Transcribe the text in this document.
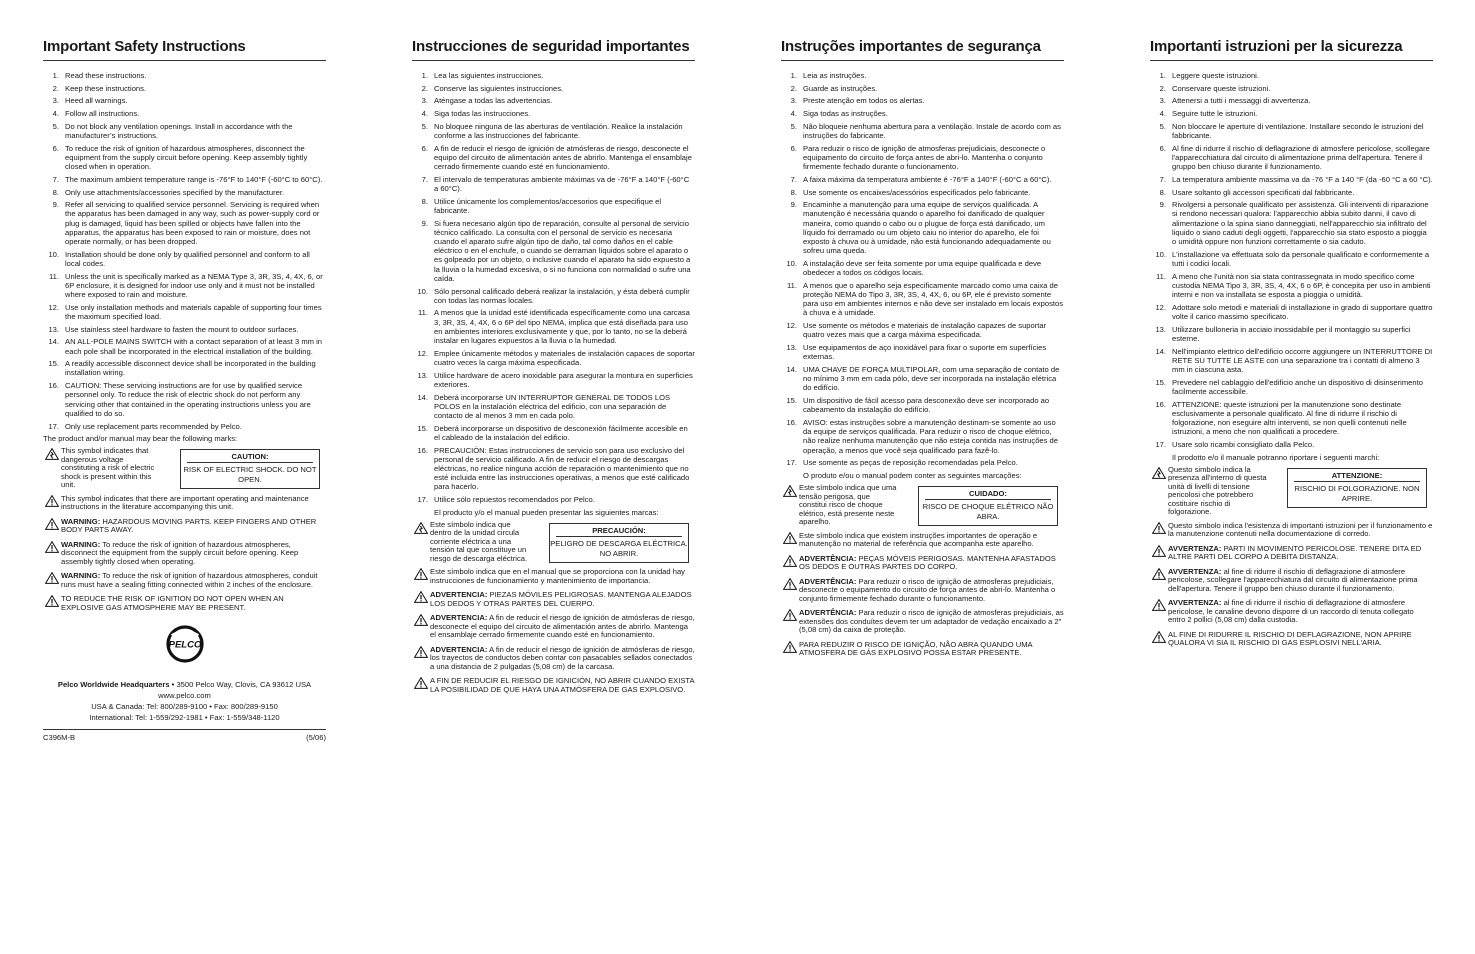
Important Safety Instructions
1. Read these instructions.
2. Keep these instructions.
3. Heed all warnings.
4. Follow all instructions.
5. Do not block any ventilation openings. Install in accordance with the manufacturer’s instructions.
6. To reduce the risk of ignition of hazardous atmospheres, disconnect the equipment from the supply circuit before opening. Keep assembly tightly closed when in operation.
7. The maximum ambient temperature range is -76°F to 140°F (-60°C to 60°C).
8. Only use attachments/accessories specified by the manufacturer.
9. Refer all servicing to qualified service personnel. Servicing is required when the apparatus has been damaged in any way, such as power-supply cord or plug is damaged, liquid has been spilled or objects have fallen into the apparatus, the apparatus has been exposed to rain or moisture, does not operate normally, or has been dropped.
10. Installation should be done only by qualified personnel and conform to all local codes.
11. Unless the unit is specifically marked as a NEMA Type 3, 3R, 3S, 4, 4X, 6, or 6P enclosure, it is designed for indoor use only and it must not be installed where exposed to rain and moisture.
12. Use only installation methods and materials capable of supporting four times the maximum specified load.
13. Use stainless steel hardware to fasten the mount to outdoor surfaces.
14. AN ALL-POLE MAINS SWITCH with a contact separation of at least 3 mm in each pole shall be incorporated in the electrical installation of the building.
15. A readily accessible disconnect device shall be incorporated in the building installation wiring.
16. CAUTION: These servicing instructions are for use by qualified service personnel only. To reduce the risk of electric shock do not perform any servicing other that contained in the operating instructions unless you are qualified to do so.
17. Only use replacement parts recommended by Pelco.
The product and/or manual may bear the following marks:
This symbol indicates that dangerous voltage constituting a risk of electric shock is present within this unit.
CAUTION:
RISK OF ELECTRIC SHOCK. DO NOT OPEN.
This symbol indicates that there are important operating and maintenance instructions in the literature accompanying this unit.
WARNING: HAZARDOUS MOVING PARTS. KEEP FINGERS AND OTHER BODY PARTS AWAY.
WARNING: To reduce the risk of ignition of hazardous atmospheres, disconnect the equipment from the supply circuit before opening. Keep assembly tightly closed when operating.
WARNING: To reduce the risk of ignition of hazardous atmospheres, conduit runs must have a sealing fitting connected within 2 inches of the enclosure.
TO REDUCE THE RISK OF IGNITION DO NOT OPEN WHEN AN EXPLOSIVE GAS ATMOSPHERE MAY BE PRESENT.
PELCO
Pelco Worldwide Headquarters • 3500 Pelco Way, Clovis, CA 93612 USA
www.pelco.com
USA & Canada: Tel: 800/289-9100 • Fax: 800/289-9150
International: Tel: 1-559/292-1981 • Fax: 1-559/348-1120
C396M-B	(5/06)
Instrucciones de seguridad importantes
1. Lea las siguientes instrucciones.
2. Conserve las siguientes instrucciones.
3. Aténgase a todas las advertencias.
4. Siga todas las instrucciones.
5. No bloquee ninguna de las aberturas de ventilación. Realice la instalación conforme a las instrucciones del fabricante.
6. A fin de reducir el riesgo de ignición de atmósferas de riesgo, desconecte el equipo del circuito de alimentación antes de abrirlo. Mantenga el ensamblaje cerrado firmemente cuando esté en funcionamiento.
7. El intervalo de temperaturas ambiente máximas va de -76°F a 140°F (-60°C a 60°C).
8. Utilice únicamente los complementos/accesorios que especifique el fabricante.
9. Si fuera necesario algún tipo de reparación, consulte al personal de servicio técnico calificado. La consulta con el personal de servicio es necesaria cuando el aparato sufre algún tipo de daño, tal como daños en el cable eléctrico o en el enchufe, o cuando se derraman líquidos sobre el aparato o es golpeado por un objeto, o inclusive cuando el aparato ha sido expuesto a la lluvia o la humedad excesiva, o si no funciona con normalidad o sufre una caída.
10. Sólo personal calificado deberá realizar la instalación, y ésta deberá cumplir con todas las normas locales.
11. A menos que la unidad esté identificada específicamente como una carcasa 3, 3R, 3S, 4, 4X, 6 o 6P del tipo NEMA, implica que está diseñada para uso en ambientes interiores exclusivamente y que, por lo tanto, no se la deberá instalar en lugares expuestos a la lluvia o la humedad.
12. Emplee únicamente métodos y materiales de instalación capaces de soportar cuatro veces la carga máxima especificada.
13. Utilice hardware de acero inoxidable para asegurar la montura en superficies exteriores.
14. Deberá incorporarse UN INTERRUPTOR GENERAL DE TODOS LOS POLOS en la instalación eléctrica del edificio, con una separación de contacto de al menos 3 mm en cada polo.
15. Deberá incorporarse un dispositivo de desconexión fácilmente accesible en el cableado de la instalación del edificio.
16. PRECAUCIÓN: Estas instrucciones de servicio son para uso exclusivo del personal de servicio calificado. A fin de reducir el riesgo de descargas eléctricas, no realice ninguna acción de reparación o mantenimiento que no esté incluida entre las instrucciones operativas, a menos que esté calificado para hacerlo.
17. Utilice sólo repuestos recomendados por Pelco.
El producto y/o el manual pueden presentar las siguientes marcas:
Este símbolo indica que dentro de la unidad circula corriente eléctrica a una tensión tal que constituye un riesgo de descarga eléctrica.
PRECAUCIÓN:
PELIGRO DE DESCARGA ELÉCTRICA. NO ABRIR.
Este símbolo indica que en el manual que se proporciona con la unidad hay instrucciones de funcionamiento y mantenimiento de importancia.
ADVERTENCIA: PIEZAS MÓVILES PELIGROSAS. MANTENGA ALEJADOS LOS DEDOS Y OTRAS PARTES DEL CUERPO.
ADVERTENCIA: A fin de reducir el riesgo de ignición de atmósferas de riesgo, desconecte el equipo del circuito de alimentación antes de abrirlo. Mantenga el ensamblaje cerrado firmemente cuando esté en funcionamiento.
ADVERTENCIA: A fin de reducir el riesgo de ignición de atmósferas de riesgo, los trayectos de conductos deben contar con pasacables sellados conectados a una distancia de 2 pulgadas (5,08 cm) de la carcasa.
A FIN DE REDUCIR EL RIESGO DE IGNICIÓN, NO ABRIR CUANDO EXISTA LA POSIBILIDAD DE QUE HAYA UNA ATMÓSFERA DE GAS EXPLOSIVO.
Instruções importantes de segurança
1. Leia as instruções.
2. Guarde as instruções.
3. Preste atenção em todos os alertas.
4. Siga todas as instruções.
5. Não bloqueie nenhuma abertura para a ventilação. Instale de acordo com as instruções do fabricante.
6. Para reduzir o risco de ignição de atmosferas prejudiciais, desconecte o equipamento do circuito de força antes de abri-lo. Mantenha o conjunto firmemente fechado durante o funcionamento.
7. A faixa máxima da temperatura ambiente é -76°F a 140°F (-60°C a 60°C).
8. Use somente os encaixes/acessórios especificados pelo fabricante.
9. Encaminhe a manutenção para uma equipe de serviços qualificada. A manutenção é necessária quando o aparelho foi danificado de qualquer maneira, como quando o cabo ou o plugue de força está danificado, um líquido foi derramado ou um objeto caiu no interior do aparelho, ele foi exposto à chuva ou à umidade, não está funcionando adequadamente ou sofreu uma queda.
10. A instalação deve ser feita somente por uma equipe qualificada e deve obedecer a todos os códigos locais.
11. A menos que o aparelho seja especificamente marcado como uma caixa de proteção NEMA do Tipo 3, 3R, 3S, 4, 4X, 6, ou 6P, ele é previsto somente para uso em ambientes internos e não deve ser instalado em locais expostos à chuva e à umidade.
12. Use somente os métodos e materiais de instalação capazes de suportar quatro vezes mais que a carga máxima especificada.
13. Use equipamentos de aço inoxidável para fixar o suporte em superfícies externas.
14. UMA CHAVE DE FORÇA MULTIPOLAR, com uma separação de contato de no mínimo 3 mm em cada pólo, deve ser incorporada na instalação elétrica do edifício.
15. Um dispositivo de fácil acesso para desconexão deve ser incorporado ao cabeamento da instalação do edifício.
16. AVISO: estas instruções sobre a manutenção destinam-se somente ao uso da equipe de serviços qualificada. Para reduzir o risco de choque elétrico, não realize nenhuma manutenção que não esteja contida nas instruções de operação, a menos que você seja qualificado para fazê-lo.
17. Use somente as peças de reposição recomendadas pela Pelco.
O produto e/ou o manual podem conter as seguintes marcações:
Este símbolo indica que uma tensão perigosa, que constitui risco de choque elétrico, está presente neste aparelho.
CUIDADO:
RISCO DE CHOQUE ELÉTRICO NÃO ABRA.
Este símbolo indica que existem instruções importantes de operação e manutenção no material de referência que acompanha este aparelho.
ADVERTÊNCIA: PEÇAS MÓVEIS PERIGOSAS. MANTENHA AFASTADOS OS DEDOS E OUTRAS PARTES DO CORPO.
ADVERTÊNCIA: Para reduzir o risco de ignição de atmosferas prejudiciais, desconecte o equipamento do circuito de força antes de abri-lo. Mantenha o conjunto firmemente fechado durante o funcionamento.
ADVERTÊNCIA: Para reduzir o risco de ignição de atmosferas prejudiciais, as extensões dos conduítes devem ter um adaptador de vedação encaixado a 2" (5,08 cm) da caixa de proteção.
PARA REDUZIR O RISCO DE IGNIÇÃO, NÃO ABRA QUANDO UMA ATMOSFERA DE GÁS EXPLOSIVO POSSA ESTAR PRESENTE.
Importanti istruzioni per la sicurezza
1. Leggere queste istruzioni.
2. Conservare queste istruzioni.
3. Attenersi a tutti i messaggi di avvertenza.
4. Seguire tutte le istruzioni.
5. Non bloccare le aperture di ventilazione. Installare secondo le istruzioni del fabbricante.
6. Al fine di ridurre il rischio di deflagrazione di atmosfere pericolose, scollegare l'apparecchiatura dal circuito di alimentazione prima dell'apertura. Tenere il gruppo ben chiuso durante il funzionamento.
7. La temperatura ambiente massima va da -76 °F a 140 °F (da -60 °C a 60 °C).
8. Usare soltanto gli accessori specificati dal fabbricante.
9. Rivolgersi a personale qualificato per assistenza. Gli interventi di riparazione si rendono necessari qualora: l'apparecchio abbia subito danni, il cavo di alimentazione o la spina siano danneggiati, nell'apparecchio sia infiltrato del liquido o siano caduti degli oggetti, l'apparecchio sia stato esposto a pioggia o umidità oppure non funzioni correttamente o sia caduto.
10. L'installazione va effettuata solo da personale qualificato e conformemente a tutti i codici locali.
11. A meno che l'unità non sia stata contrassegnata in modo specifico come custodia NEMA Tipo 3, 3R, 3S, 4, 4X, 6 o 6P, è concepita per uso in ambienti interni e non va installata se esposta a pioggia o umidità.
12. Adottare solo metodi e materiali di installazione in grado di supportare quattro volte il carico massimo specificato.
13. Utilizzare bulloneria in acciaio inossidabile per il montaggio su superfici esterne.
14. Nell'impianto elettrico dell'edificio occorre aggiungere un INTERRUTTORE DI RETE SU TUTTE LE ASTE con una separazione tra i contatti di almeno 3 mm in ciascuna asta.
15. Prevedere nel cablaggio dell'edificio anche un dispositivo di disinserimento facilmente accessibile.
16. ATTENZIONE: queste istruzioni per la manutenzione sono destinate esclusivamente a personale qualificato. Al fine di ridurre il rischio di folgorazione, non eseguire altri interventi, se non quelli contenuti nelle istruzioni, a meno che non qualificati a procedere.
17. Usare solo ricambi consigliato dalla Pelco.
Il prodotto e/o il manuale potranno riportare i seguenti marchi:
Questo simbolo indica la presenza all'interno di questa unità di livelli di tensione pericolosi che potrebbero costituire rischio di folgorazione.
ATTENZIONE:
RISCHIO DI FOLGORAZIONE. NON APRIRE.
Questo simbolo indica l'esistenza di importanti istruzioni per il funzionamento e la manutenzione contenuti nella documentazione di corredo.
AVVERTENZA: PARTI IN MOVIMENTO PERICOLOSE. TENERE DITA ED ALTRE PARTI DEL CORPO A DEBITA DISTANZA.
AVVERTENZA: al fine di ridurre il rischio di deflagrazione di atmosfere pericolose, scollegare l'apparecchiatura dal circuito di alimentazione prima dell'apertura. Tenere il gruppo ben chiuso durante il funzionamento.
AVVERTENZA: al fine di ridurre il rischio di deflagrazione di atmosfere pericolose, le canaline devono disporre di un raccordo di tenuta collegato entro 2 pollici (5,08 cm) dalla custodia.
AL FINE DI RIDURRE IL RISCHIO DI DEFLAGRAZIONE, NON APRIRE QUALORA VI SIA IL RISCHIO DI GAS ESPLOSIVI NELL'ARIA.
